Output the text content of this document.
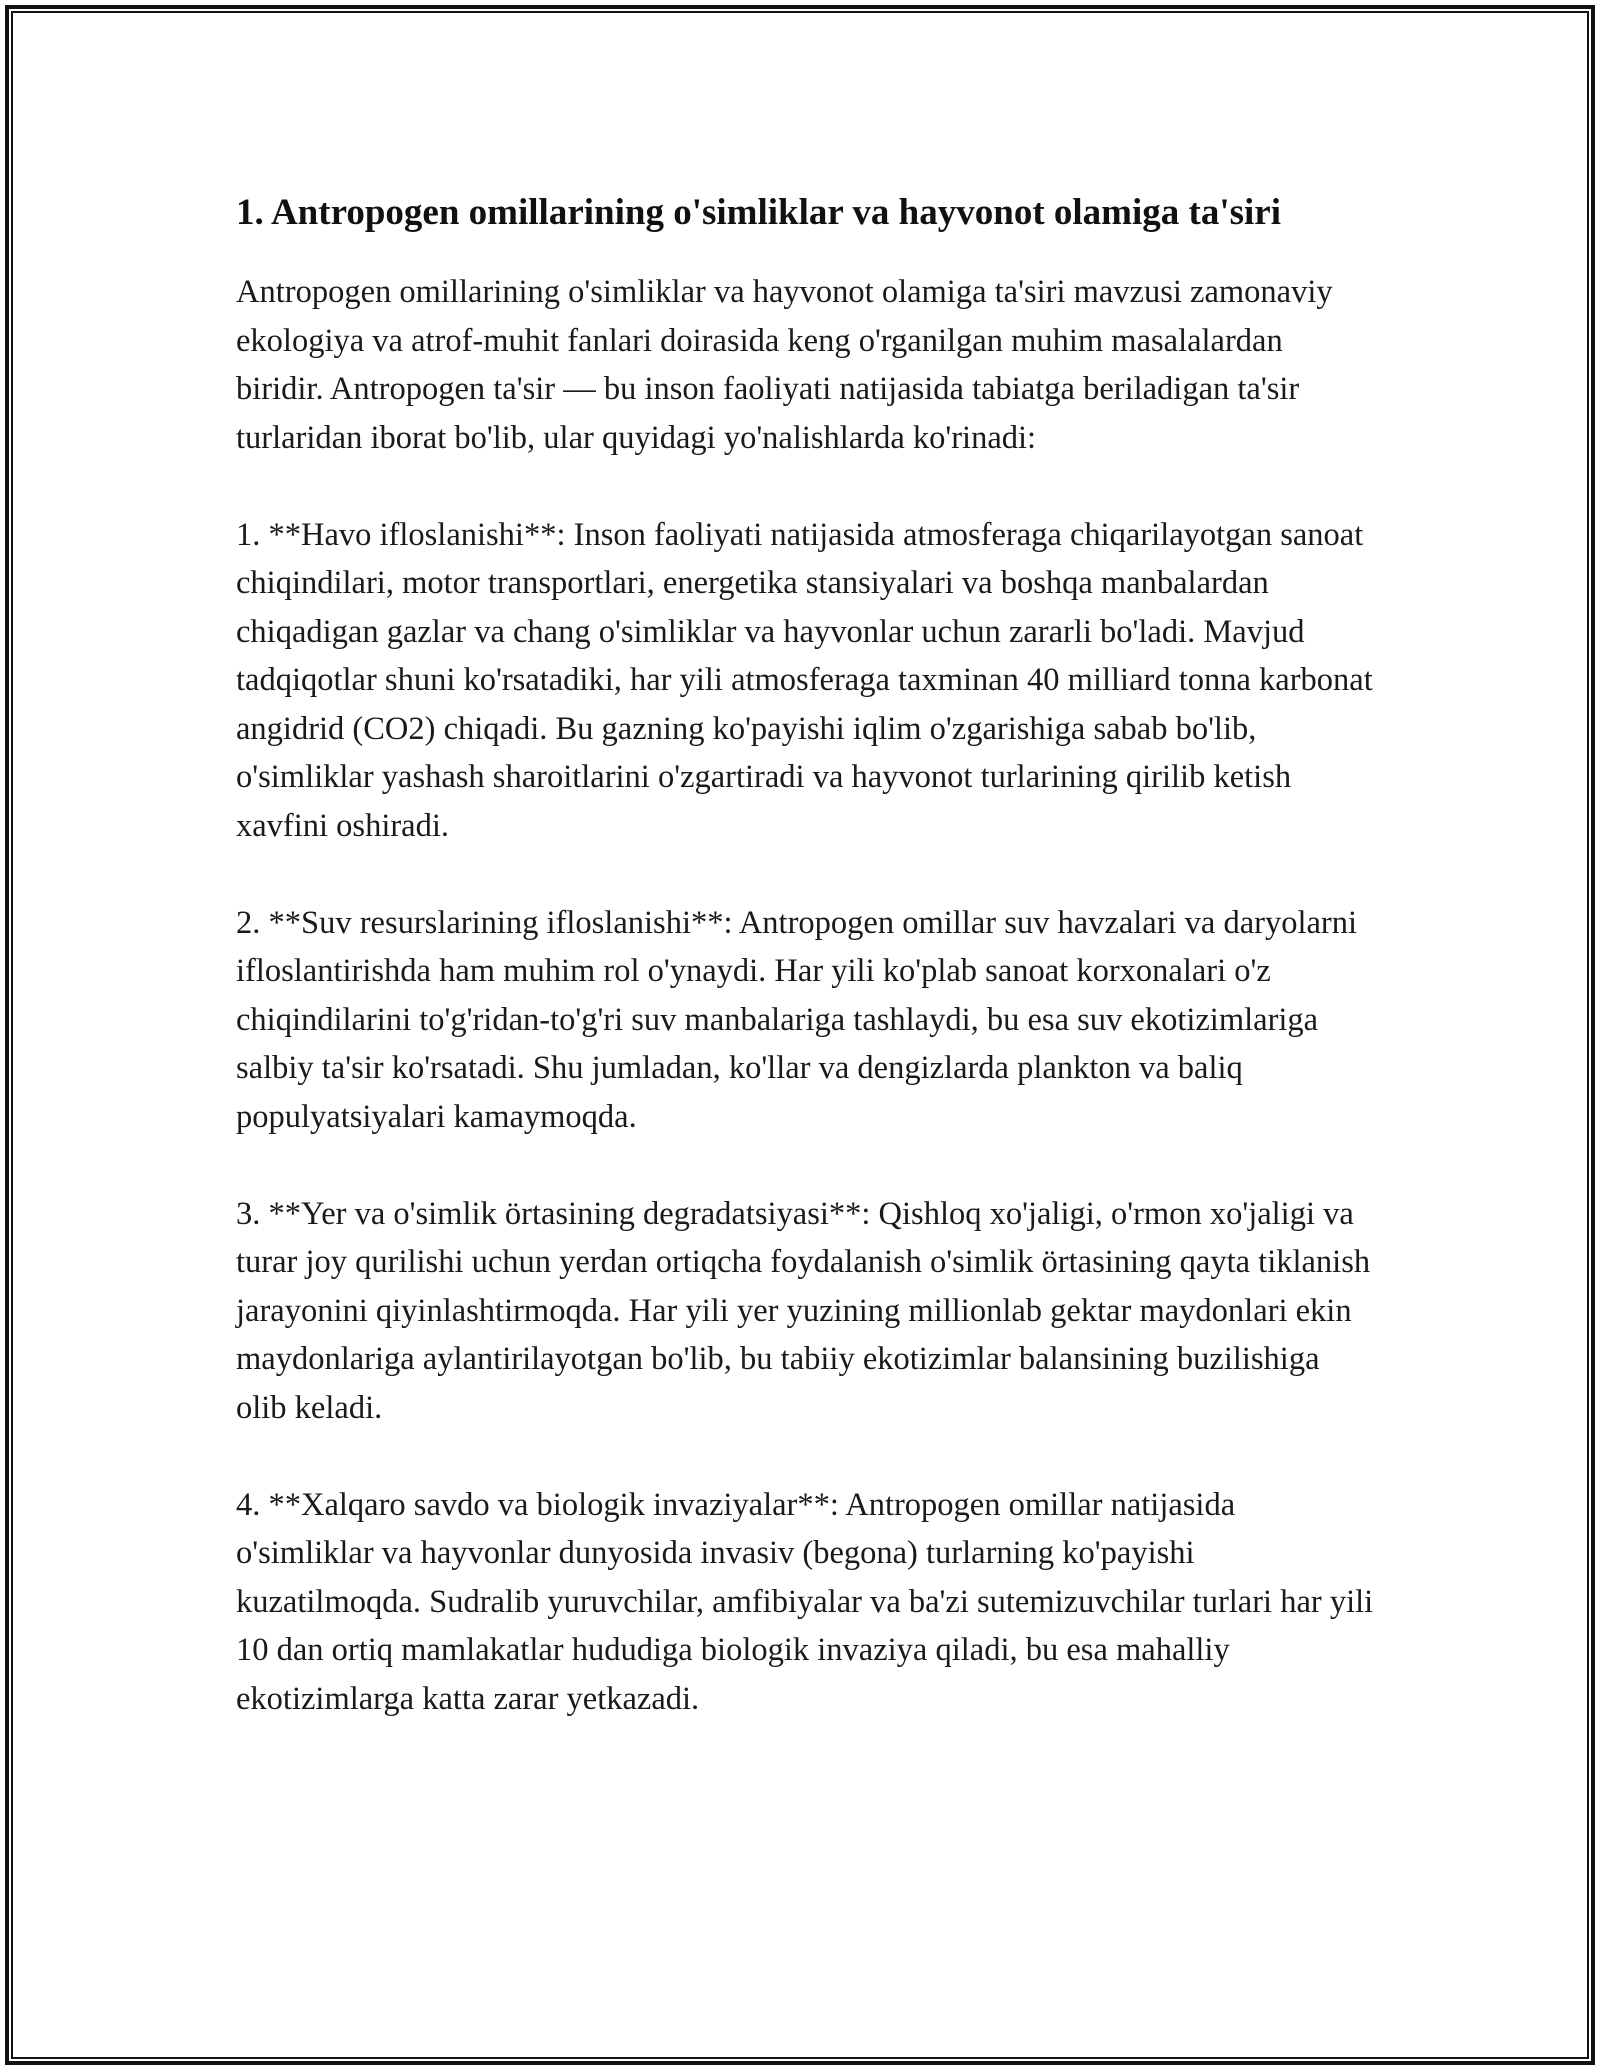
1. Antropogen omillarining o'simliklar va hayvonot olamiga ta'siri

Antropogen omillarining o'simliklar va hayvonot olamiga ta'siri mavzusi zamonaviy ekologiya va atrof-muhit fanlari doirasida keng o'rganilgan muhim masalalardan biridir. Antropogen ta'sir — bu inson faoliyati natijasida tabiatga beriladigan ta'sir turlaridan iborat bo'lib, ular quyidagi yo'nalishlarda ko'rinadi:

1. **Havo ifloslanishi**: Inson faoliyati natijasida atmosferaga chiqarilayotgan sanoat chiqindilari, motor transportlari, energetika stansiyalari va boshqa manbalardan chiqadigan gazlar va chang o'simliklar va hayvonlar uchun zararli bo'ladi. Mavjud tadqiqotlar shuni ko'rsatadiki, har yili atmosferaga taxminan 40 milliard tonna karbonat angidrid (CO2) chiqadi. Bu gazning ko'payishi iqlim o'zgarishiga sabab bo'lib, o'simliklar yashash sharoitlarini o'zgartiradi va hayvonot turlarining qirilib ketish xavfini oshiradi.

2. **Suv resurslarining ifloslanishi**: Antropogen omillar suv havzalari va daryolarni ifloslantirishda ham muhim rol o'ynaydi. Har yili ko'plab sanoat korxonalari o'z chiqindilarini to'g'ridan-to'g'ri suv manbalariga tashlaydi, bu esa suv ekotizimlariga salbiy ta'sir ko'rsatadi. Shu jumladan, ko'llar va dengizlarda plankton va baliq populyatsiyalari kamaymoqda.

3. **Yer va o'simlik örtasining degradatsiyasi**: Qishloq xo'jaligi, o'rmon xo'jaligi va turar joy qurilishi uchun yerdan ortiqcha foydalanish o'simlik örtasining qayta tiklanish jarayonini qiyinlashtirmoqda. Har yili yer yuzining millionlab gektar maydonlari ekin maydonlariga aylantirilayotgan bo'lib, bu tabiiy ekotizimlar balansining buzilishiga olib keladi.

4. **Xalqaro savdo va biologik invaziyalar**: Antropogen omillar natijasida o'simliklar va hayvonlar dunyosida invasiv (begona) turlarning ko'payishi kuzatilmoqda. Sudralib yuruvchilar, amfibiyalar va ba'zi sutemizuvchilar turlari har yili 10 dan ortiq mamlakatlar hududiga biologik invaziya qiladi, bu esa mahalliy ekotizimlarga katta zarar yetkazadi.
